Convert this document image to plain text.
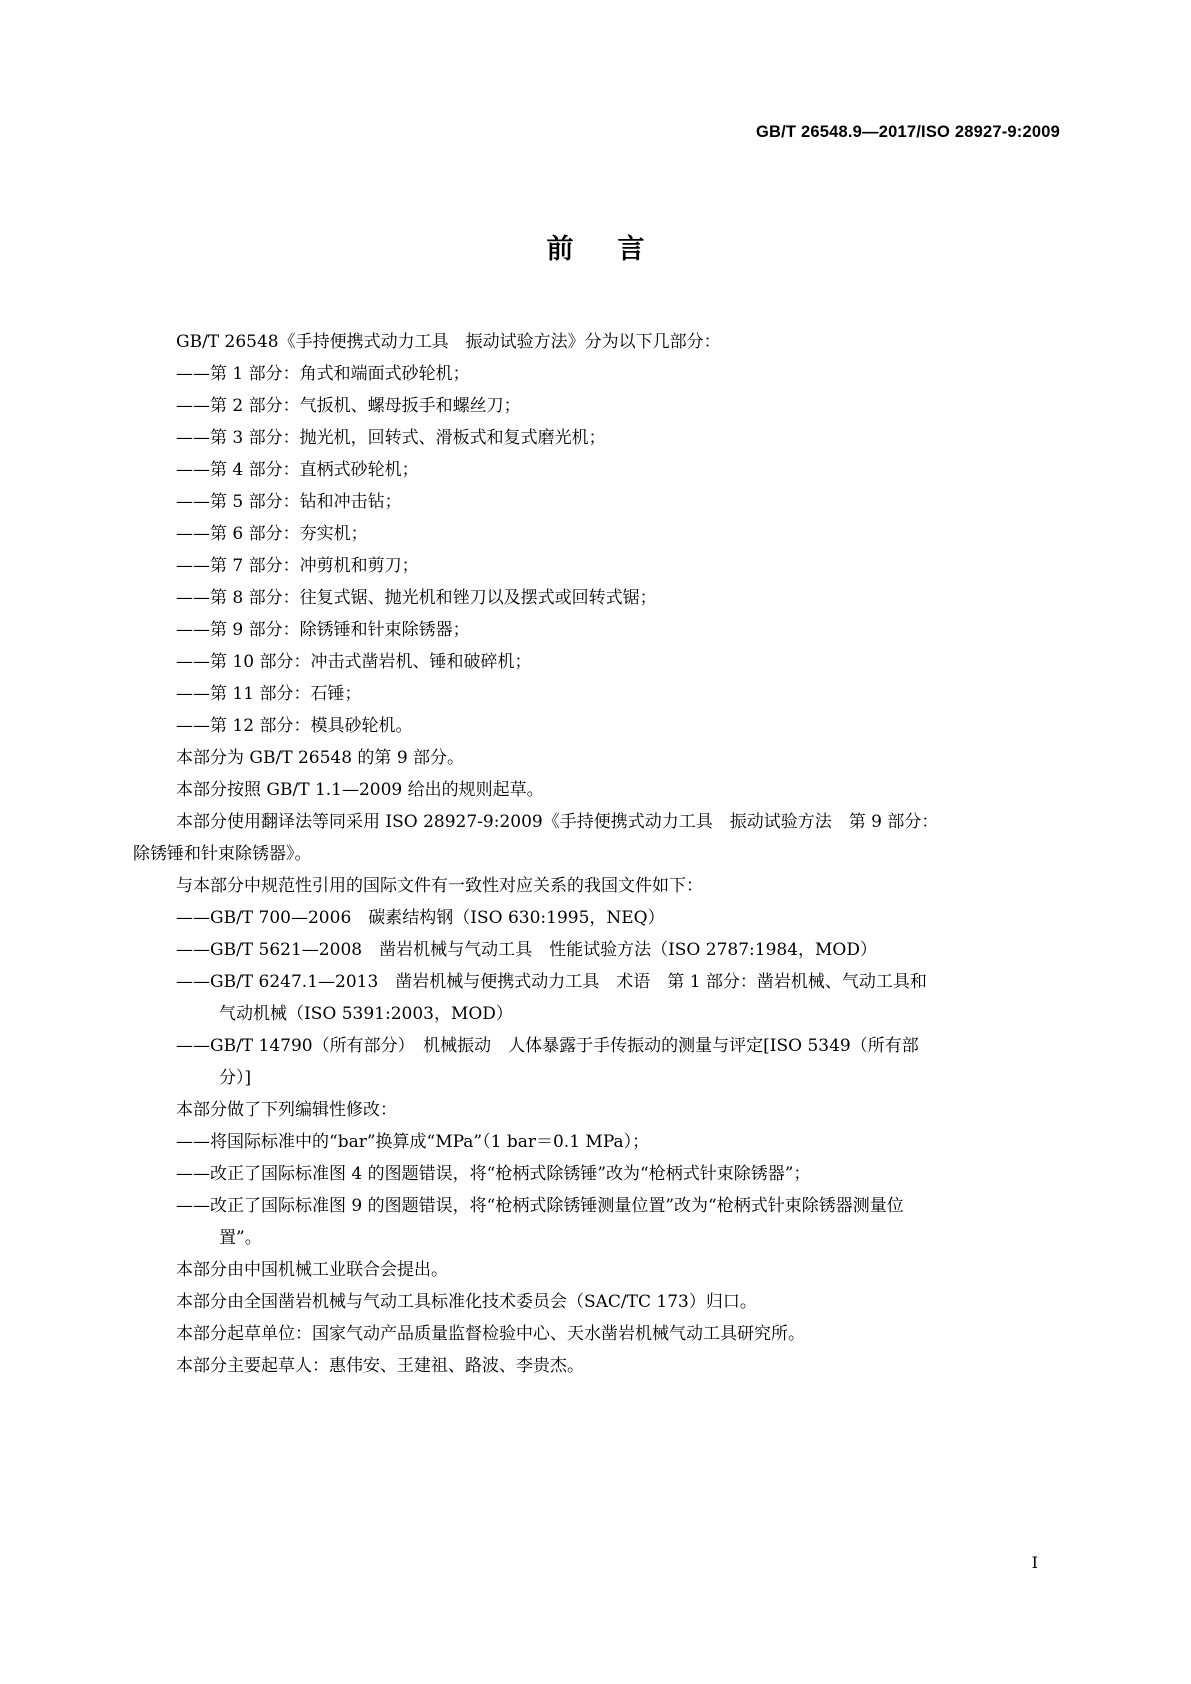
GB/T 26548.9—2017/ISO 28927-9:2009
前言
GB/T 26548《手持便携式动力工具　振动试验方法》分为以下几部分：
——第 1 部分：角式和端面式砂轮机；
——第 2 部分：气扳机、螺母扳手和螺丝刀；
——第 3 部分：抛光机，回转式、滑板式和复式磨光机；
——第 4 部分：直柄式砂轮机；
——第 5 部分：钻和冲击钻；
——第 6 部分：夯实机；
——第 7 部分：冲剪机和剪刀；
——第 8 部分：往复式锯、抛光机和锉刀以及摆式或回转式锯；
——第 9 部分：除锈锤和针束除锈器；
——第 10 部分：冲击式凿岩机、锤和破碎机；
——第 11 部分：石锤；
——第 12 部分：模具砂轮机。
本部分为 GB/T 26548 的第 9 部分。
本部分按照 GB/T 1.1—2009 给出的规则起草。
本部分使用翻译法等同采用 ISO 28927-9:2009《手持便携式动力工具　振动试验方法　第 9 部分：
除锈锤和针束除锈器》。
与本部分中规范性引用的国际文件有一致性对应关系的我国文件如下：
——GB/T 700—2006　碳素结构钢（ISO 630:1995，NEQ）
——GB/T 5621—2008　凿岩机械与气动工具　性能试验方法（ISO 2787:1984，MOD）
——GB/T 6247.1—2013　凿岩机械与便携式动力工具　术语　第 1 部分：凿岩机械、气动工具和
气动机械（ISO 5391:2003，MOD）
——GB/T 14790（所有部分）　机械振动　人体暴露于手传振动的测量与评定[ISO 5349（所有部
分）]
本部分做了下列编辑性修改：
——将国际标准中的“bar”换算成“MPa”（1 bar＝0.1 MPa）；
——改正了国际标准图 4 的图题错误，将“枪柄式除锈锤”改为“枪柄式针束除锈器”；
——改正了国际标准图 9 的图题错误，将“枪柄式除锈锤测量位置”改为“枪柄式针束除锈器测量位
置”。
本部分由中国机械工业联合会提出。
本部分由全国凿岩机械与气动工具标准化技术委员会（SAC/TC 173）归口。
本部分起草单位：国家气动产品质量监督检验中心、天水凿岩机械气动工具研究所。
本部分主要起草人：惠伟安、王建祖、路波、李贵杰。
I
